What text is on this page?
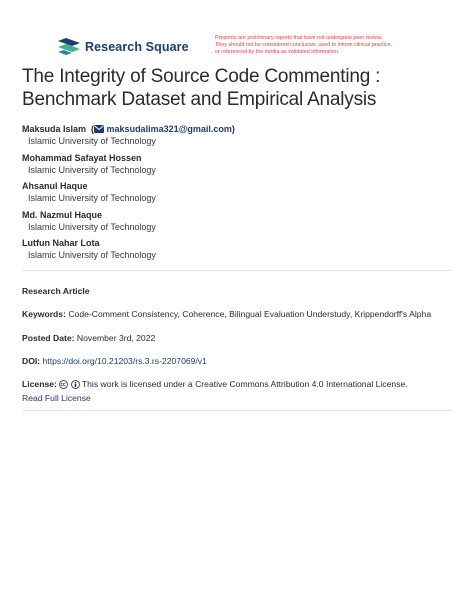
Research Square
Preprints are preliminary reports that have not undergone peer review.
They should not be considered conclusive, used to inform clinical practice,
or referenced by the media as validated information.
The Integrity of Source Code Commenting :
Benchmark Dataset and Empirical Analysis
Maksuda Islam  ( maksudalima321@gmail.com)
Islamic University of Technology
Mohammad Safayat Hossen
Islamic University of Technology
Ahsanul Haque
Islamic University of Technology
Md. Nazmul Haque
Islamic University of Technology
Lutfun Nahar Lota
Islamic University of Technology
Research Article
Keywords: Code-Comment Consistency, Coherence, Bilingual Evaluation Understudy, Krippendorff's Alpha
Posted Date: November 3rd, 2022
DOI: https://doi.org/10.21203/rs.3.rs-2207069/v1
License:	This work is licensed under a Creative Commons Attribution 4.0 International License.
Read Full License
